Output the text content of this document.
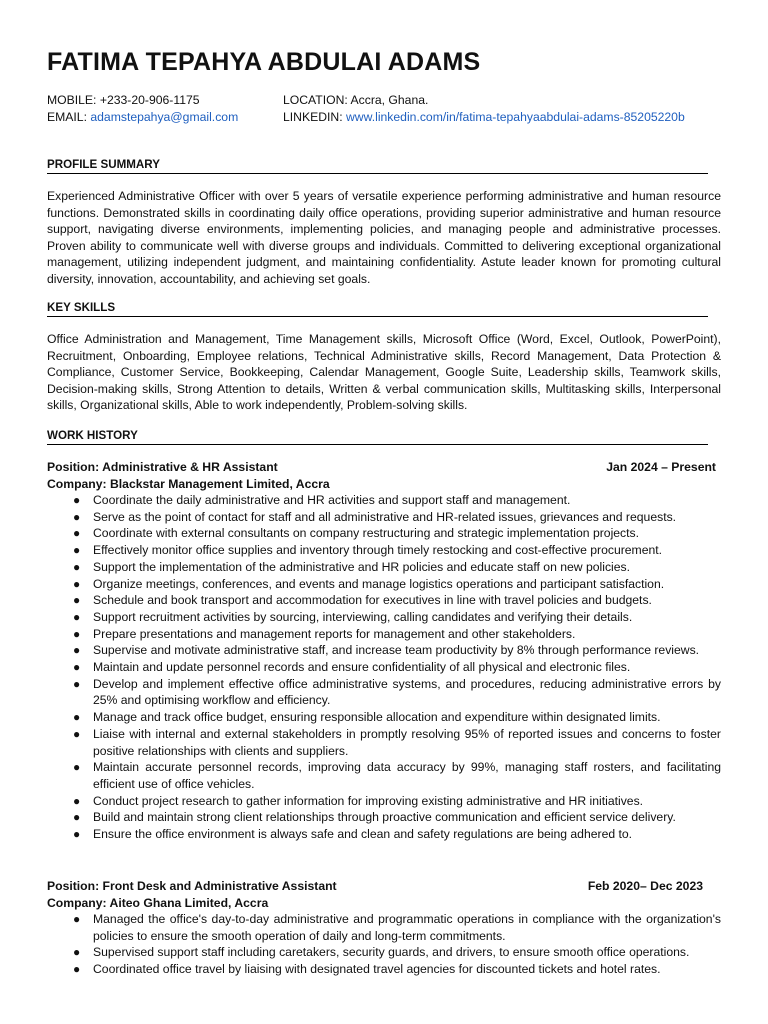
FATIMA TEPAHYA ABDULAI ADAMS
MOBILE: +233-20-906-1175	LOCATION: Accra, Ghana.
EMAIL: adamstepahya@gmail.com	LINKEDIN: www.linkedin.com/in/fatima-tepahyaabdulai-adams-85205220b
PROFILE SUMMARY

Experienced Administrative Officer with over 5 years of versatile experience performing administrative and human resource functions. Demonstrated skills in coordinating daily office operations, providing superior administrative and human resource support, navigating diverse environments, implementing policies, and managing people and administrative processes. Proven ability to communicate well with diverse groups and individuals. Committed to delivering exceptional organizational management, utilizing independent judgment, and maintaining confidentiality. Astute leader known for promoting cultural diversity, innovation, accountability, and achieving set goals.

KEY SKILLS

Office Administration and Management, Time Management skills, Microsoft Office (Word, Excel, Outlook, PowerPoint), Recruitment, Onboarding, Employee relations, Technical Administrative skills, Record Management, Data Protection & Compliance, Customer Service, Bookkeeping, Calendar Management, Google Suite, Leadership skills, Teamwork skills, Decision-making skills, Strong Attention to details, Written & verbal communication skills, Multitasking skills, Interpersonal skills, Organizational skills, Able to work independently, Problem-solving skills.

WORK HISTORY
Position: Administrative & HR Assistant	Jan 2024 – Present
Company: Blackstar Management Limited, Accra
● Coordinate the daily administrative and HR activities and support staff and management.
● Serve as the point of contact for staff and all administrative and HR-related issues, grievances and requests.
● Coordinate with external consultants on company restructuring and strategic implementation projects.
● Effectively monitor office supplies and inventory through timely restocking and cost-effective procurement.
● Support the implementation of the administrative and HR policies and educate staff on new policies.
● Organize meetings, conferences, and events and manage logistics operations and participant satisfaction.
● Schedule and book transport and accommodation for executives in line with travel policies and budgets.
● Support recruitment activities by sourcing, interviewing, calling candidates and verifying their details.
● Prepare presentations and management reports for management and other stakeholders.
● Supervise and motivate administrative staff, and increase team productivity by 8% through performance reviews.
● Maintain and update personnel records and ensure confidentiality of all physical and electronic files.
● Develop and implement effective office administrative systems, and procedures, reducing administrative errors by 25% and optimising workflow and efficiency.
● Manage and track office budget, ensuring responsible allocation and expenditure within designated limits.
● Liaise with internal and external stakeholders in promptly resolving 95% of reported issues and concerns to foster positive relationships with clients and suppliers.
● Maintain accurate personnel records, improving data accuracy by 99%, managing staff rosters, and facilitating efficient use of office vehicles.
● Conduct project research to gather information for improving existing administrative and HR initiatives.
● Build and maintain strong client relationships through proactive communication and efficient service delivery.
● Ensure the office environment is always safe and clean and safety regulations are being adhered to.
Position: Front Desk and Administrative Assistant	Feb 2020– Dec 2023
Company: Aiteo Ghana Limited, Accra
● Managed the office's day-to-day administrative and programmatic operations in compliance with the organization's policies to ensure the smooth operation of daily and long-term commitments.
● Supervised support staff including caretakers, security guards, and drivers, to ensure smooth office operations.
● Coordinated office travel by liaising with designated travel agencies for discounted tickets and hotel rates.
